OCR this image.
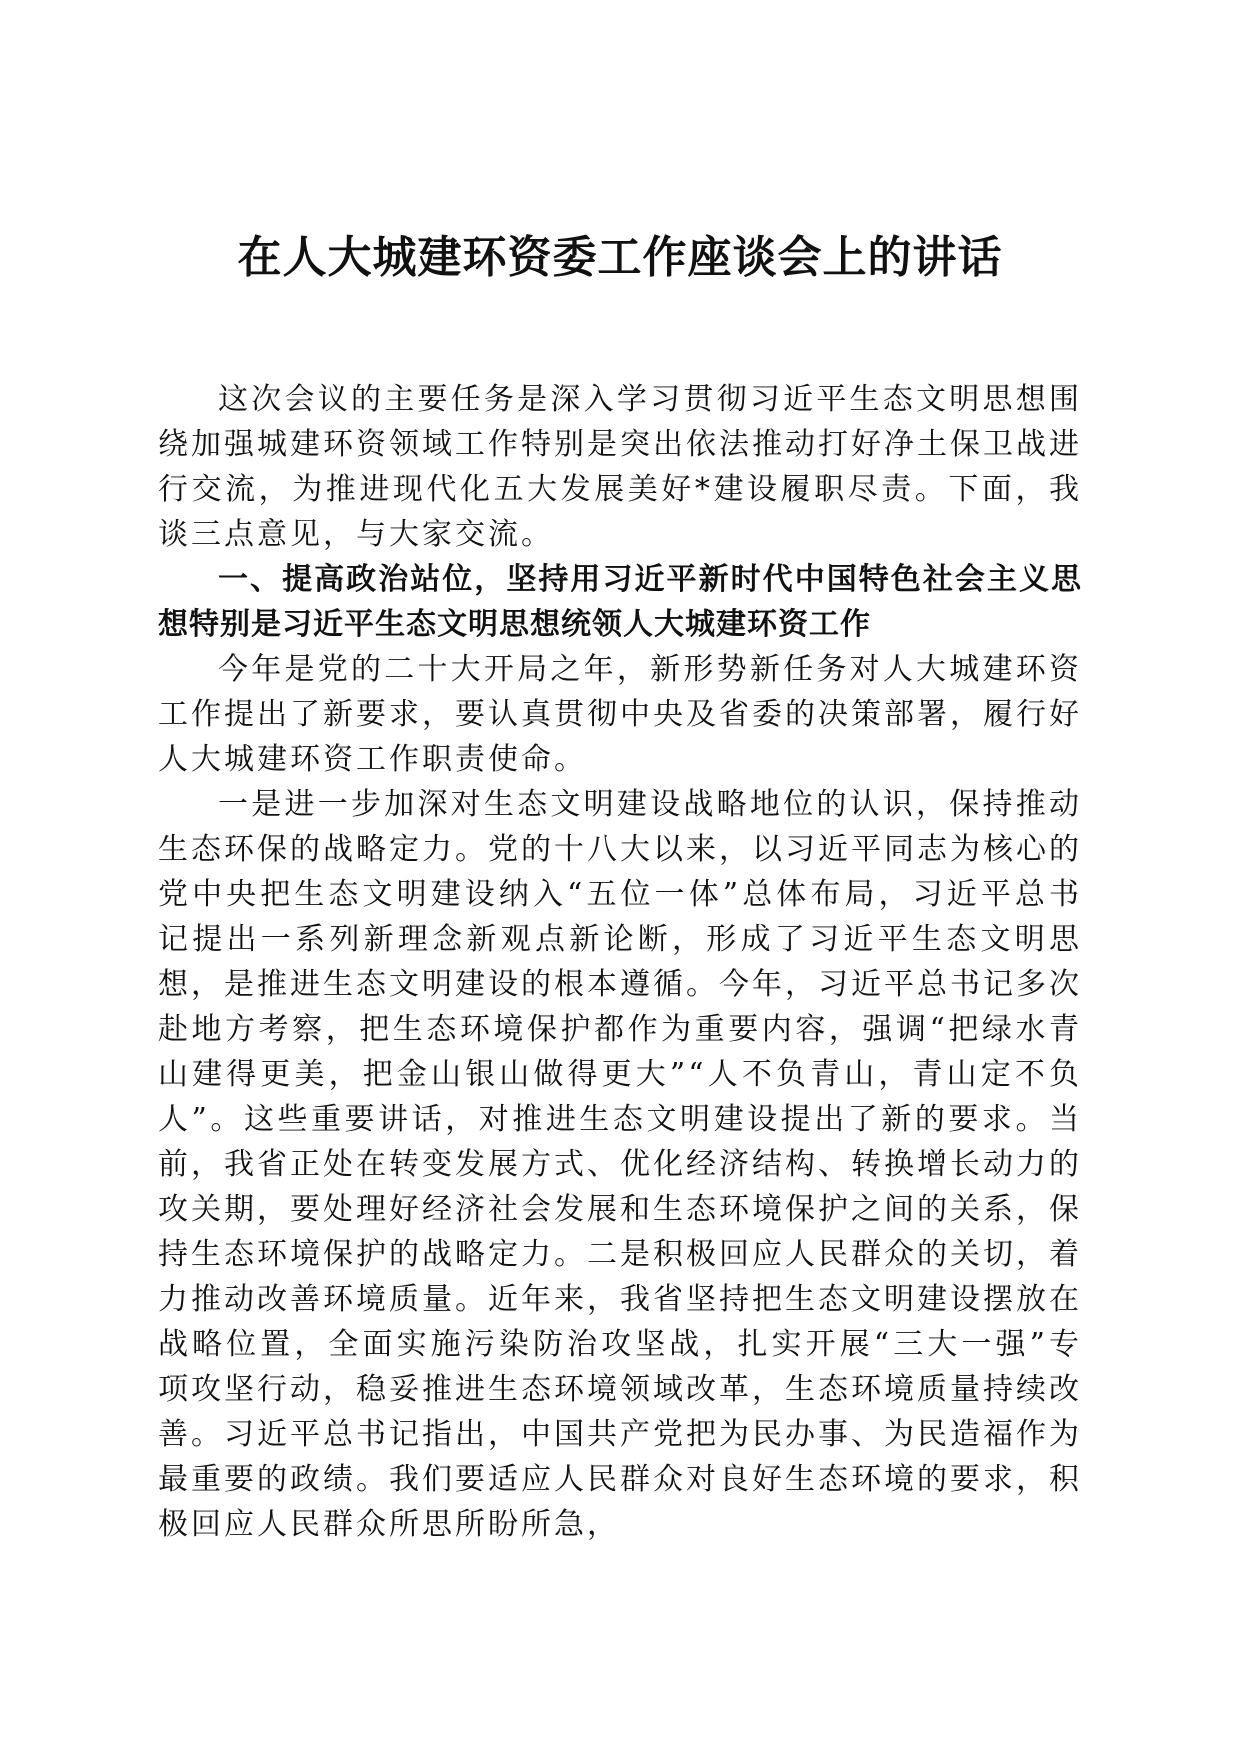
在人大城建环资委工作座谈会上的讲话

这次会议的主要任务是深入学习贯彻习近平生态文明思想围绕加强城建环资领域工作特别是突出依法推动打好净土保卫战进行交流，为推进现代化五大发展美好*建设履职尽责。下面，我谈三点意见，与大家交流。

一、提高政治站位，坚持用习近平新时代中国特色社会主义思想特别是习近平生态文明思想统领人大城建环资工作

今年是党的二十大开局之年，新形势新任务对人大城建环资工作提出了新要求，要认真贯彻中央及省委的决策部署，履行好人大城建环资工作职责使命。

一是进一步加深对生态文明建设战略地位的认识，保持推动生态环保的战略定力。党的十八大以来，以习近平同志为核心的党中央把生态文明建设纳入“五位一体”总体布局，习近平总书记提出一系列新理念新观点新论断，形成了习近平生态文明思想，是推进生态文明建设的根本遵循。今年，习近平总书记多次赴地方考察，把生态环境保护都作为重要内容，强调“把绿水青山建得更美，把金山银山做得更大”“人不负青山，青山定不负人”。这些重要讲话，对推进生态文明建设提出了新的要求。当前，我省正处在转变发展方式、优化经济结构、转换增长动力的攻关期，要处理好经济社会发展和生态环境保护之间的关系，保持生态环境保护的战略定力。二是积极回应人民群众的关切，着力推动改善环境质量。近年来，我省坚持把生态文明建设摆放在战略位置，全面实施污染防治攻坚战，扎实开展“三大一强”专项攻坚行动，稳妥推进生态环境领域改革，生态环境质量持续改善。习近平总书记指出，中国共产党把为民办事、为民造福作为最重要的政绩。我们要适应人民群众对良好生态环境的要求，积极回应人民群众所思所盼所急，
